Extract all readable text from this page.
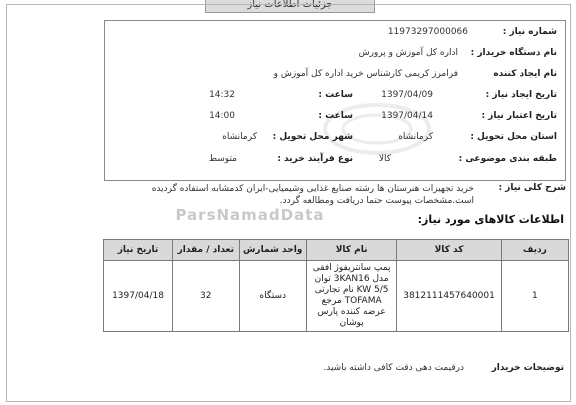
جزئیات اطلاعات نیاز
شماره نیاز :
11973297000066
نام دستگاه خریدار :
اداره کل آموزش و پرورش
نام ایجاد کننده
فرامرز کریمی کارشناس خرید اداره کل آموزش و
تاریخ ایجاد نیاز :
1397/04/09
ساعت :
14:32
تاریخ اعتبار نیاز :
1397/04/14
ساعت :
14:00
استان محل تحویل :
کرمانشاه
شهر محل تحویل :
کرمانشاه
طبقه بندی موضوعی :
کالا
نوع فرآیند خرید :
متوسط
شرح کلی نیاز :
خرید تجهیزات هنرستان ها رشته صنایع غذایی وشیمیایی-ایران کدمشابه استفاده گردیده است.مشخصات پیوست حتما دریافت ومطالعه گردد.
ParsNamadData	اطلاعات کالاهای مورد نیاز:
ردیف	کد کالا	نام کالا	واحد شمارش	تعداد / مقدار	تاریخ نیاز
1	3812111457640001	پمپ سانتریفوژ افقی مدل 3KAN16 توان 5/5 KW نام تجارتی TOFAMA مرجع عرضه کننده پارس پوشان	دستگاه	32	1397/04/18
توضیحات خریدار
درقیمت دهی دقت کافی داشته باشید.
